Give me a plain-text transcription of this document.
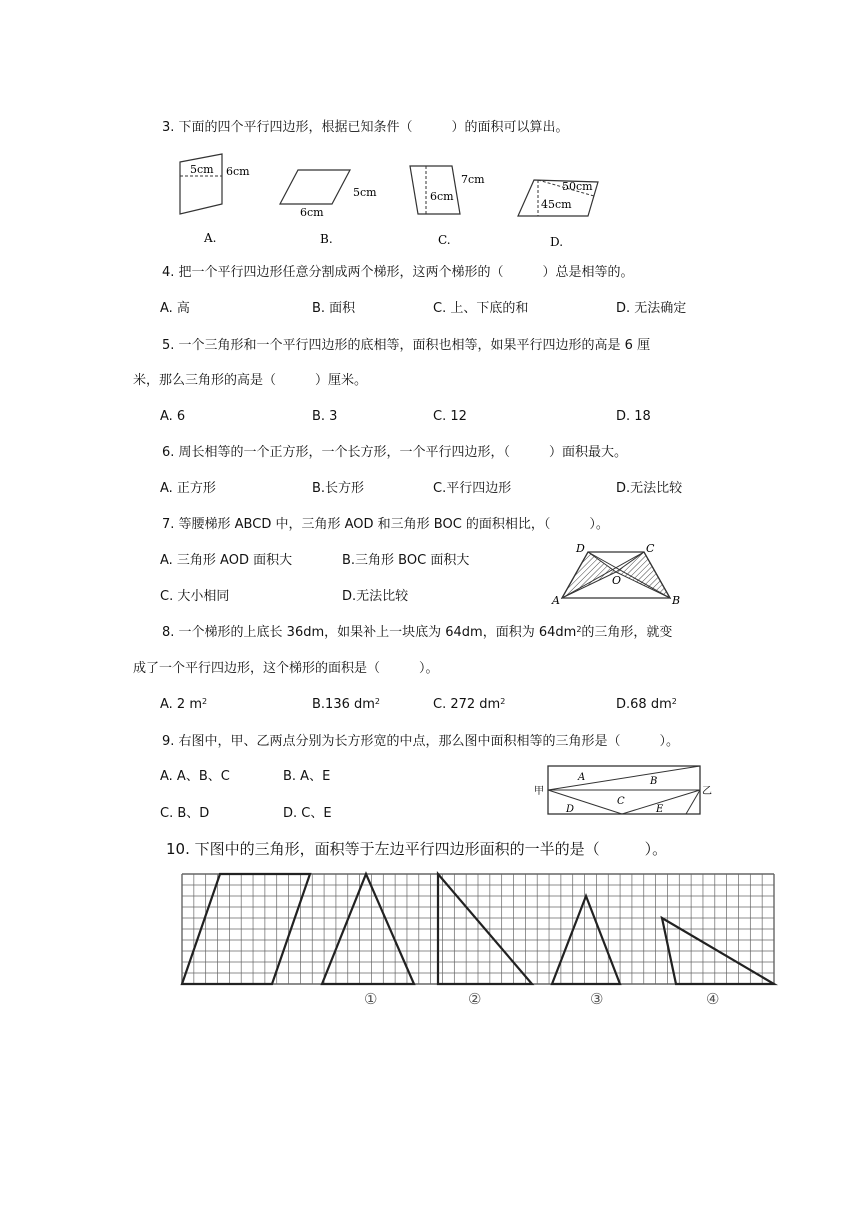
3. 下面的四个平行四边形，根据已知条件（　　　）的面积可以算出。
5cm 6cm
A.
5cm
6cm
B.
7cm
6cm
C.
50cm
45cm
D.
4. 把一个平行四边形任意分割成两个梯形，这两个梯形的（　　　）总是相等的。
A. 高	B. 面积	C. 上、下底的和	D. 无法确定
5. 一个三角形和一个平行四边形的底相等，面积也相等，如果平行四边形的高是 6 厘
米，那么三角形的高是（　　　）厘米。
A. 6	B. 3	C. 12	D. 18
6. 周长相等的一个正方形，一个长方形，一个平行四边形，（　　　）面积最大。
A. 正方形	B.长方形	C.平行四边形	D.无法比较
7. 等腰梯形 ABCD 中，三角形 AOD 和三角形 BOC 的面积相比，（　　　）。
A. 三角形 AOD 面积大	B.三角形 BOC 面积大
C. 大小相同	D.无法比较
D	C
O
A	B
8. 一个梯形的上底长 36dm，如果补上一块底为 64dm，面积为 $64dm^2$的三角形，就变
成了一个平行四边形，这个梯形的面积是（　　　）。
A. 2 $m^2$	B.136 $dm^2$	C. 272 $dm^2$	D.68 $dm^2$
9. 右图中，甲、乙两点分别为长方形宽的中点，那么图中面积相等的三角形是（　　　）。
A. A、B、C	B. A、E
C. B、D	D. C、E
甲	乙
A	B
C
D	E
10. 下图中的三角形，面积等于左边平行四边形面积的一半的是（　　　）。
①	②	③	④
